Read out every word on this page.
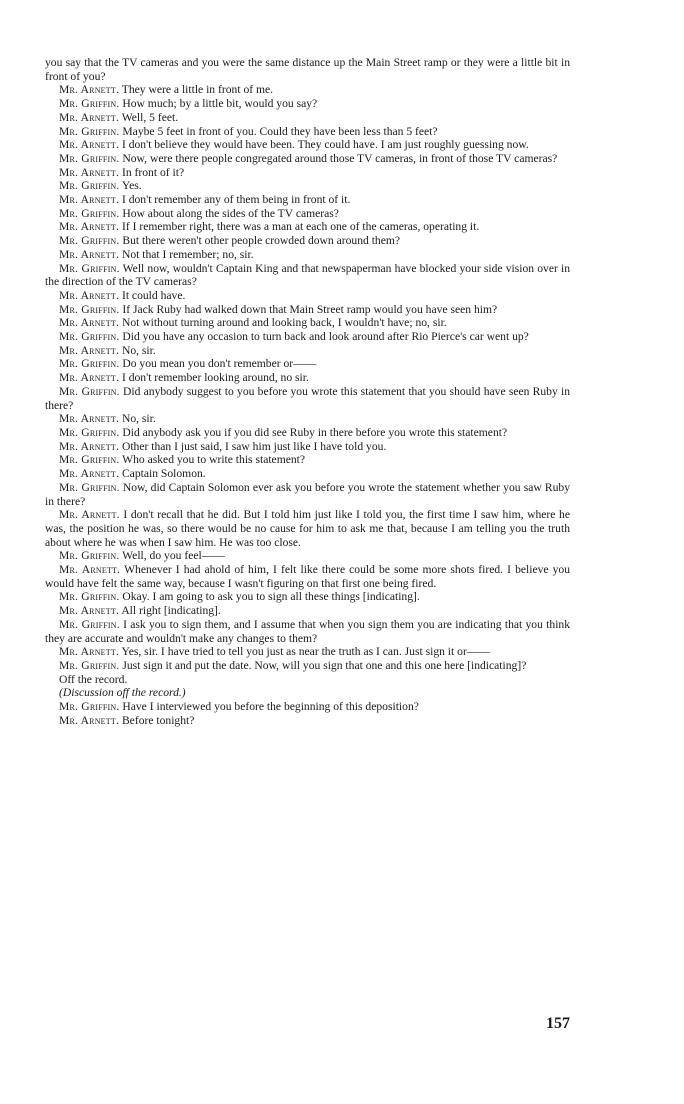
you say that the TV cameras and you were the same distance up the Main Street ramp or they were a little bit in front of you?

Mr. Arnett. They were a little in front of me.

Mr. Griffin. How much; by a little bit, would you say?

Mr. Arnett. Well, 5 feet.

Mr. Griffin. Maybe 5 feet in front of you. Could they have been less than 5 feet?

Mr. Arnett. I don't believe they would have been. They could have. I am just roughly guessing now.

Mr. Griffin. Now, were there people congregated around those TV cameras, in front of those TV cameras?

Mr. Arnett. In front of it?

Mr. Griffin. Yes.

Mr. Arnett. I don't remember any of them being in front of it.

Mr. Griffin. How about along the sides of the TV cameras?

Mr. Arnett. If I remember right, there was a man at each one of the cameras, operating it.

Mr. Griffin. But there weren't other people crowded down around them?

Mr. Arnett. Not that I remember; no, sir.

Mr. Griffin. Well now, wouldn't Captain King and that newspaperman have blocked your side vision over in the direction of the TV cameras?

Mr. Arnett. It could have.

Mr. Griffin. If Jack Ruby had walked down that Main Street ramp would you have seen him?

Mr. Arnett. Not without turning around and looking back, I wouldn't have; no, sir.

Mr. Griffin. Did you have any occasion to turn back and look around after Rio Pierce's car went up?

Mr. Arnett. No, sir.

Mr. Griffin. Do you mean you don't remember or——

Mr. Arnett. I don't remember looking around, no sir.

Mr. Griffin. Did anybody suggest to you before you wrote this statement that you should have seen Ruby in there?

Mr. Arnett. No, sir.

Mr. Griffin. Did anybody ask you if you did see Ruby in there before you wrote this statement?

Mr. Arnett. Other than I just said, I saw him just like I have told you.

Mr. Griffin. Who asked you to write this statement?

Mr. Arnett. Captain Solomon.

Mr. Griffin. Now, did Captain Solomon ever ask you before you wrote the statement whether you saw Ruby in there?

Mr. Arnett. I don't recall that he did. But I told him just like I told you, the first time I saw him, where he was, the position he was, so there would be no cause for him to ask me that, because I am telling you the truth about where he was when I saw him. He was too close.

Mr. Griffin. Well, do you feel——

Mr. Arnett. Whenever I had ahold of him, I felt like there could be some more shots fired. I believe you would have felt the same way, because I wasn't figuring on that first one being fired.

Mr. Griffin. Okay. I am going to ask you to sign all these things [indicating].

Mr. Arnett. All right [indicating].

Mr. Griffin. I ask you to sign them, and I assume that when you sign them you are indicating that you think they are accurate and wouldn't make any changes to them?

Mr. Arnett. Yes, sir. I have tried to tell you just as near the truth as I can. Just sign it or——

Mr. Griffin. Just sign it and put the date. Now, will you sign that one and this one here [indicating]?

Off the record.

(Discussion off the record.)

Mr. Griffin. Have I interviewed you before the beginning of this deposition?

Mr. Arnett. Before tonight?

157
